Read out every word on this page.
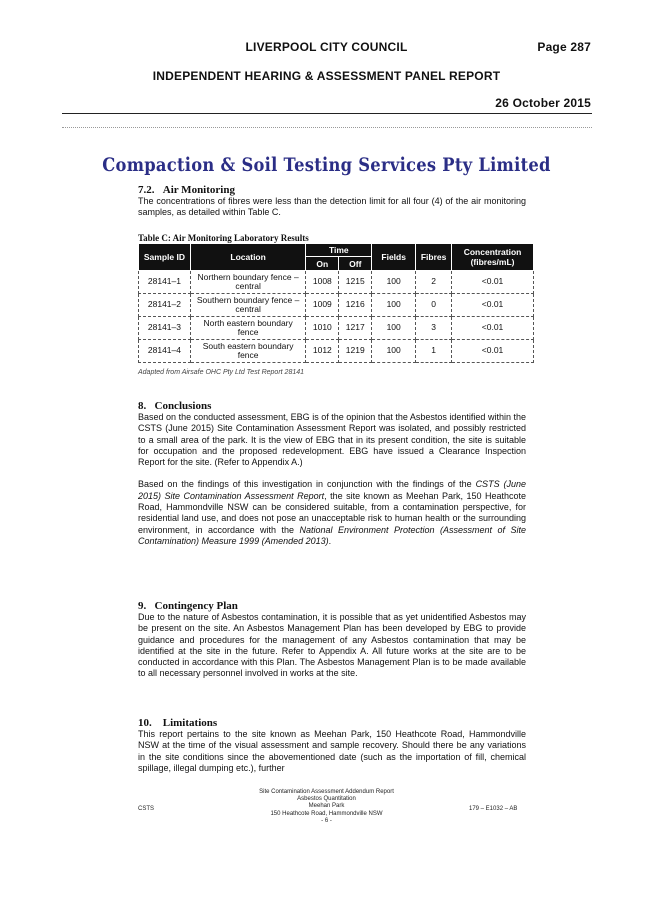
LIVERPOOL CITY COUNCIL	Page 287
INDEPENDENT HEARING & ASSESSMENT PANEL REPORT
26 October 2015
Compaction & Soil Testing Services Pty Limited

7.2.   Air Monitoring

The concentrations of fibres were less than the detection limit for all four (4) of the air monitoring samples, as detailed within Table C.

Table C: Air Monitoring Laboratory Results
Sample ID	Location	Time		Fields	Fibres	Concentration (fibres/mL)
		On	Off			
28141–1	Northern boundary fence – central	1008	1215	100	2	<0.01
28141–2	Southern boundary fence – central	1009	1216	100	0	<0.01
28141–3	North eastern boundary fence	1010	1217	100	3	<0.01
28141–4	South eastern boundary fence	1012	1219	100	1	<0.01
Adapted from Airsafe OHC Pty Ltd Test Report 28141

8.   Conclusions

Based on the conducted assessment, EBG is of the opinion that the Asbestos identified within the CSTS (June 2015) Site Contamination Assessment Report was isolated, and possibly restricted to a small area of the park. It is the view of EBG that in its present condition, the site is suitable for occupation and the proposed redevelopment. EBG have issued a Clearance Inspection Report for the site. (Refer to Appendix A.)

Based on the findings of this investigation in conjunction with the findings of the CSTS (June 2015) Site Contamination Assessment Report, the site known as Meehan Park, 150 Heathcote Road, Hammondville NSW can be considered suitable, from a contamination perspective, for residential land use, and does not pose an unacceptable risk to human health or the surrounding environment, in accordance with the National Environment Protection (Assessment of Site Contamination) Measure 1999 (Amended 2013).

9.   Contingency Plan

Due to the nature of Asbestos contamination, it is possible that as yet unidentified Asbestos may be present on the site. An Asbestos Management Plan has been developed by EBG to provide guidance and procedures for the management of any Asbestos contamination that may be identified at the site in the future. Refer to Appendix A. All future works at the site are to be conducted in accordance with this Plan. The Asbestos Management Plan is to be made available to all necessary personnel involved in works at the site.

10.    Limitations

This report pertains to the site known as Meehan Park, 150 Heathcote Road, Hammondville NSW at the time of the visual assessment and sample recovery. Should there be any variations in the site conditions since the abovementioned date (such as the importation of fill, chemical spillage, illegal dumping etc.), further

Site Contamination Assessment Addendum Report
Asbestos Quantitation
Meehan Park
150 Heathcote Road, Hammondville NSW
- 6 -
CSTS	179 – E1032 – AB
